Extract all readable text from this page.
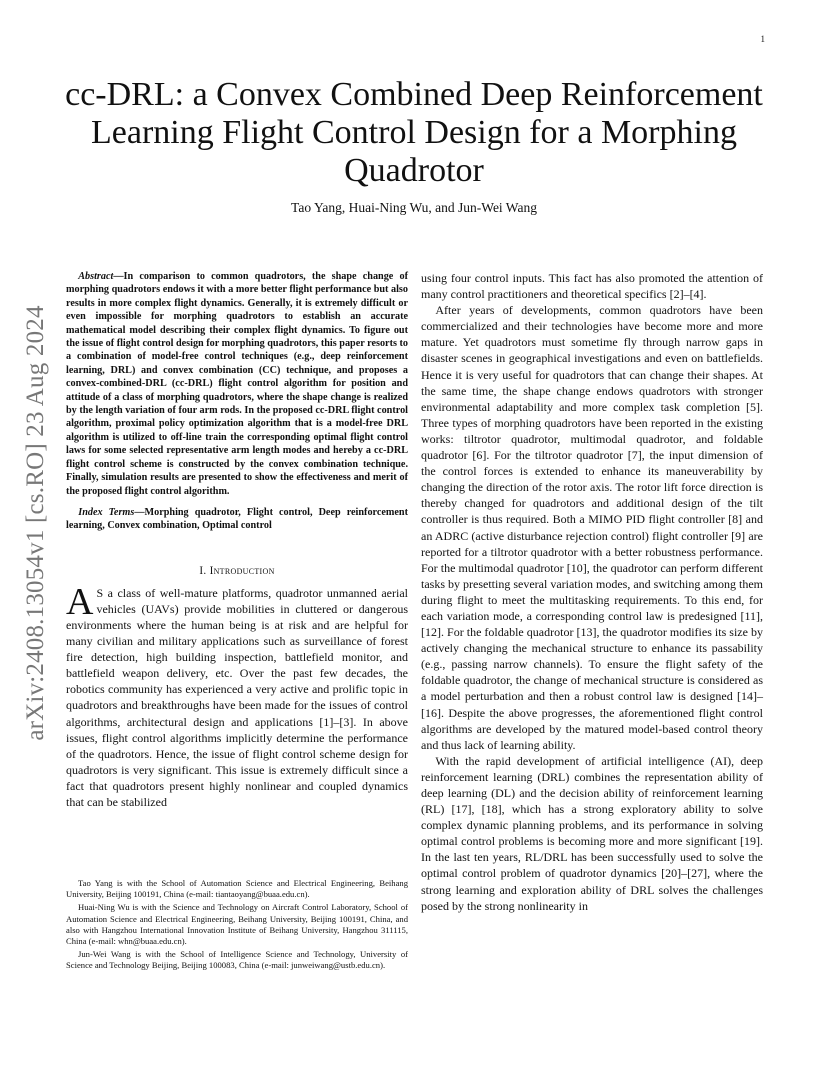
1
arXiv:2408.13054v1 [cs.RO] 23 Aug 2024
cc-DRL: a Convex Combined Deep Reinforcement Learning Flight Control Design for a Morphing Quadrotor
Tao Yang, Huai-Ning Wu, and Jun-Wei Wang

Abstract—In comparison to common quadrotors, the shape change of morphing quadrotors endows it with a more better flight performance but also results in more complex flight dynamics. Generally, it is extremely difficult or even impossible for morphing quadrotors to establish an accurate mathematical model describing their complex flight dynamics. To figure out the issue of flight control design for morphing quadrotors, this paper resorts to a combination of model-free control techniques (e.g., deep reinforcement learning, DRL) and convex combination (CC) technique, and proposes a convex-combined-DRL (cc-DRL) flight control algorithm for position and attitude of a class of morphing quadrotors, where the shape change is realized by the length variation of four arm rods. In the proposed cc-DRL flight control algorithm, proximal policy optimization algorithm that is a model-free DRL algorithm is utilized to off-line train the corresponding optimal flight control laws for some selected representative arm length modes and hereby a cc-DRL flight control scheme is constructed by the convex combination technique. Finally, simulation results are presented to show the effectiveness and merit of the proposed flight control algorithm.

Index Terms—Morphing quadrotor, Flight control, Deep reinforcement learning, Convex combination, Optimal control

I. Introduction

A S a class of well-mature platforms, quadrotor unmanned aerial vehicles (UAVs) provide mobilities in cluttered or dangerous environments where the human being is at risk and are helpful for many civilian and military applications such as surveillance of forest fire detection, high building inspection, battlefield monitor, and battlefield weapon delivery, etc. Over the past few decades, the robotics community has experienced a very active and prolific topic in quadrotors and breakthroughs have been made for the issues of control algorithms, architectural design and applications [1]–[3]. In above issues, flight control algorithms implicitly determine the performance of the quadrotors. Hence, the issue of flight control scheme design for quadrotors is very significant. This issue is extremely difficult since a fact that quadrotors present highly nonlinear and coupled dynamics that can be stabilized

Tao Yang is with the School of Automation Science and Electrical Engineering, Beihang University, Beijing 100191, China (e-mail: tiantaoyang@buaa.edu.cn).

Huai-Ning Wu is with the Science and Technology on Aircraft Control Laboratory, School of Automation Science and Electrical Engineering, Beihang University, Beijing 100191, China, and also with Hangzhou International Innovation Institute of Beihang University, Hangzhou 311115, China (e-mail: whn@buaa.edu.cn).

Jun-Wei Wang is with the School of Intelligence Science and Technology, University of Science and Technology Beijing, Beijing 100083, China (e-mail: junweiwang@ustb.edu.cn).

using four control inputs. This fact has also promoted the attention of many control practitioners and theoretical specifics [2]–[4].

After years of developments, common quadrotors have been commercialized and their technologies have become more and more mature. Yet quadrotors must sometime fly through narrow gaps in disaster scenes in geographical investigations and even on battlefields. Hence it is very useful for quadrotors that can change their shapes. At the same time, the shape change endows quadrotors with stronger environmental adaptability and more complex task completion [5]. Three types of morphing quadrotors have been reported in the existing works: tiltrotor quadrotor, multimodal quadrotor, and foldable quadrotor [6]. For the tiltrotor quadrotor [7], the input dimension of the control forces is extended to enhance its maneuverability by changing the direction of the rotor axis. The rotor lift force direction is thereby changed for quadrotors and additional design of the tilt controller is thus required. Both a MIMO PID flight controller [8] and an ADRC (active disturbance rejection control) flight controller [9] are reported for a tiltrotor quadrotor with a better robustness performance. For the multimodal quadrotor [10], the quadrotor can perform different tasks by presetting several variation modes, and switching among them during flight to meet the multitasking requirements. To this end, for each variation mode, a corresponding control law is predesigned [11], [12]. For the foldable quadrotor [13], the quadrotor modifies its size by actively changing the mechanical structure to enhance its passability (e.g., passing narrow channels). To ensure the flight safety of the foldable quadrotor, the change of mechanical structure is considered as a model perturbation and then a robust control law is designed [14]–[16]. Despite the above progresses, the aforementioned flight control algorithms are developed by the matured model-based control theory and thus lack of learning ability.

With the rapid development of artificial intelligence (AI), deep reinforcement learning (DRL) combines the representation ability of deep learning (DL) and the decision ability of reinforcement learning (RL) [17], [18], which has a strong exploratory ability to solve complex dynamic planning problems, and its performance in solving optimal control problems is becoming more and more significant [19]. In the last ten years, RL/DRL has been successfully used to solve the optimal control problem of quadrotor dynamics [20]–[27], where the strong learning and exploration ability of DRL solves the challenges posed by the strong nonlinearity in
